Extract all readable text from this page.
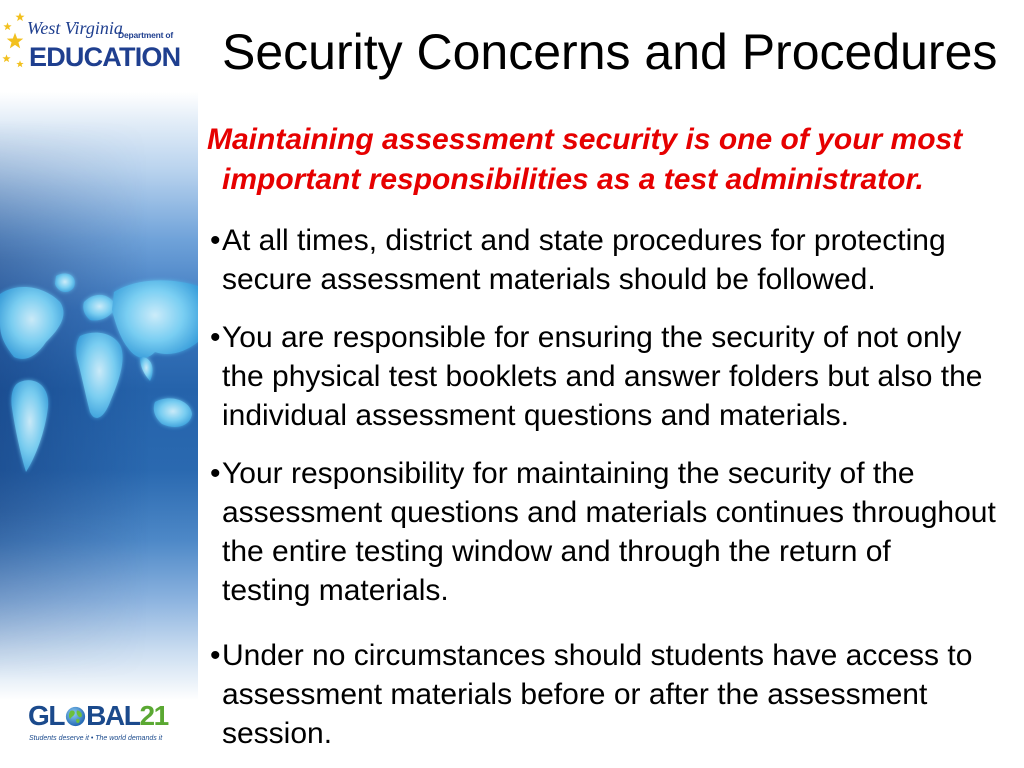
West Virginia
Department of
EDUCATION
GL BAL21
Students deserve it • The world demands it
Security Concerns and Procedures
Maintaining assessment security is one of your most
important responsibilities as a test administrator.
• At all times, district and state procedures for protecting
secure assessment materials should be followed.
• You are responsible for ensuring the security of not only
the physical test booklets and answer folders but also the
individual assessment questions and materials.
• Your responsibility for maintaining the security of the
assessment questions and materials continues throughout
the entire testing window and through the return of
testing materials.
• Under no circumstances should students have access to
assessment materials before or after the assessment
session.
